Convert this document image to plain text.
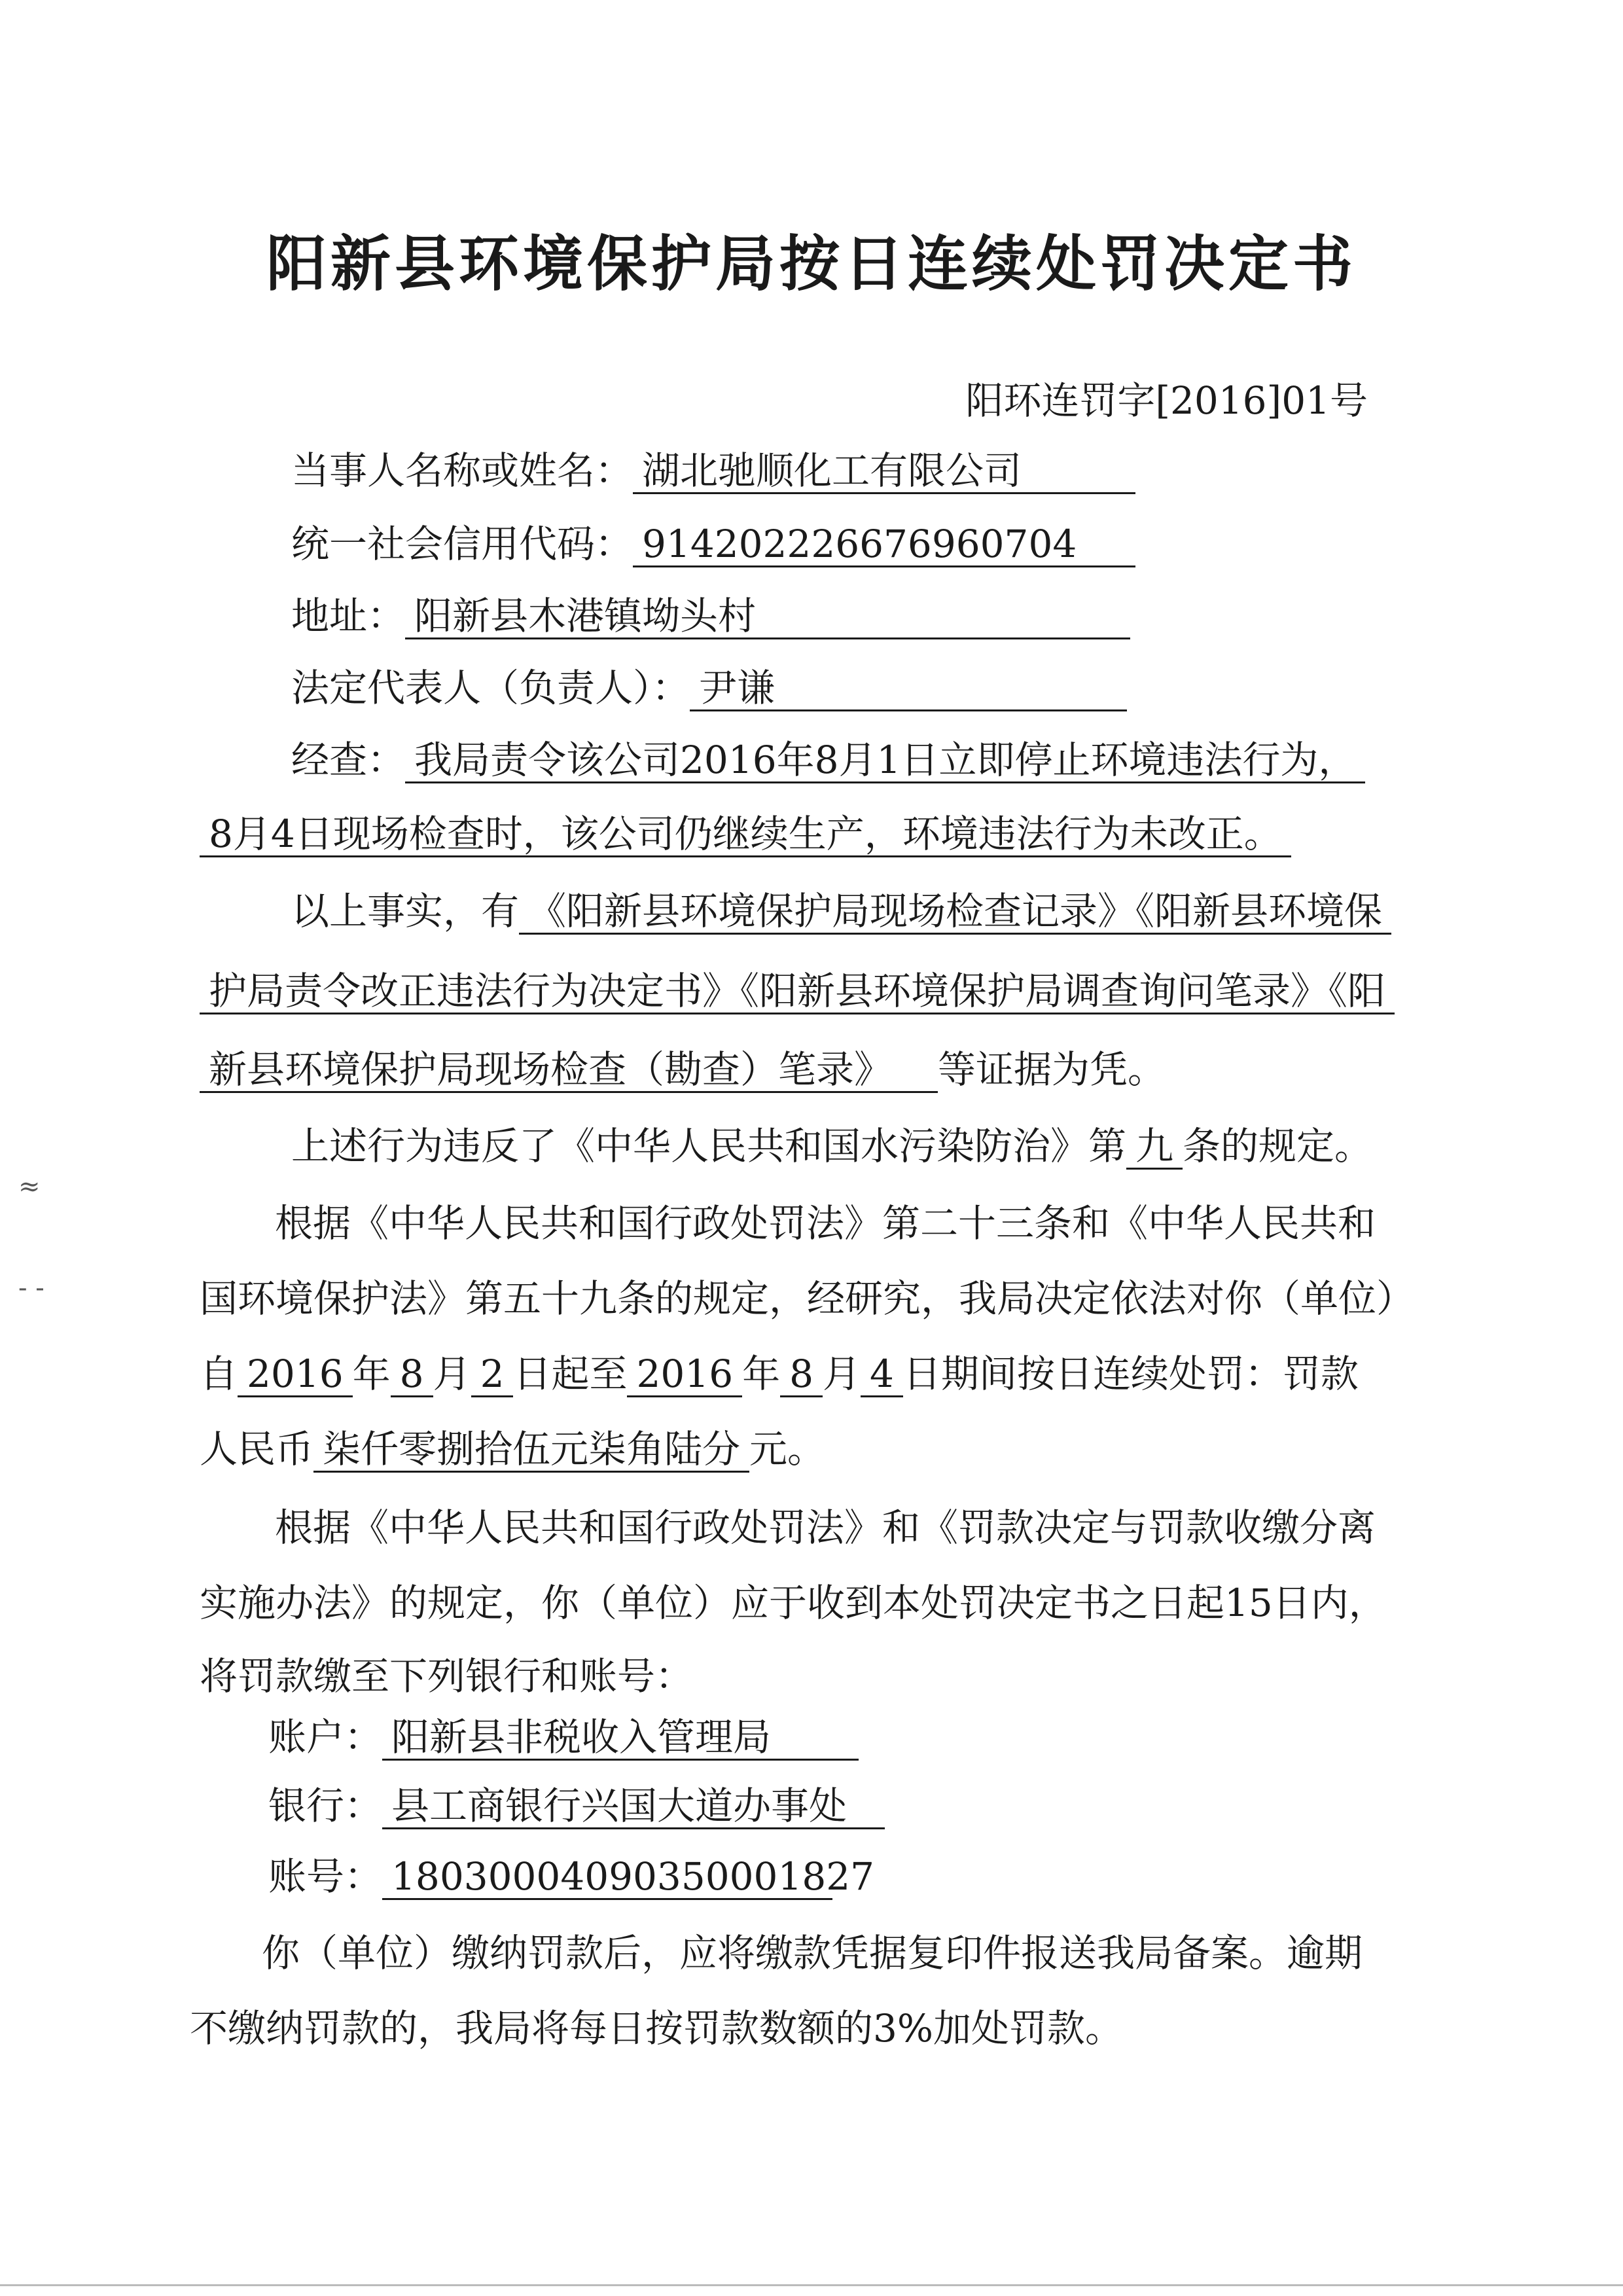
阳新县环境保护局按日连续处罚决定书
阳环连罚字[2016]01号
当事人名称或姓名： 湖北驰顺化工有限公司
统一社会信用代码： 914202226676960704
地址： 阳新县木港镇坳头村
法定代表人（负责人）： 尹谦
经查： 我局责令该公司2016年8月1日立即停止环境违法行为，
8月4日现场检查时，该公司仍继续生产，环境违法行为未改正。
以上事实，有 《阳新县环境保护局现场检查记录》《阳新县环境保
护局责令改正违法行为决定书》《阳新县环境保护局调查询问笔录》《阳
新县环境保护局现场检查（勘查）笔录》 等证据为凭。
上述行为违反了《中华人民共和国水污染防治》第 九 条的规定。
根据《中华人民共和国行政处罚法》第二十三条和《中华人民共和
国环境保护法》第五十九条的规定，经研究，我局决定依法对你（单位）
自 2016 年 8 月 2 日起至 2016 年 8 月 4 日期间按日连续处罚：罚款
人民币 柒仟零捌拾伍元柒角陆分 元。
根据《中华人民共和国行政处罚法》和《罚款决定与罚款收缴分离
实施办法》的规定，你（单位）应于收到本处罚决定书之日起15日内，
将罚款缴至下列银行和账号：
账户： 阳新县非税收入管理局
银行： 县工商银行兴国大道办事处
账号： 18030004090350001827
你（单位）缴纳罚款后，应将缴款凭据复印件报送我局备案。逾期
不缴纳罚款的，我局将每日按罚款数额的3%加处罚款。
≈
- -
